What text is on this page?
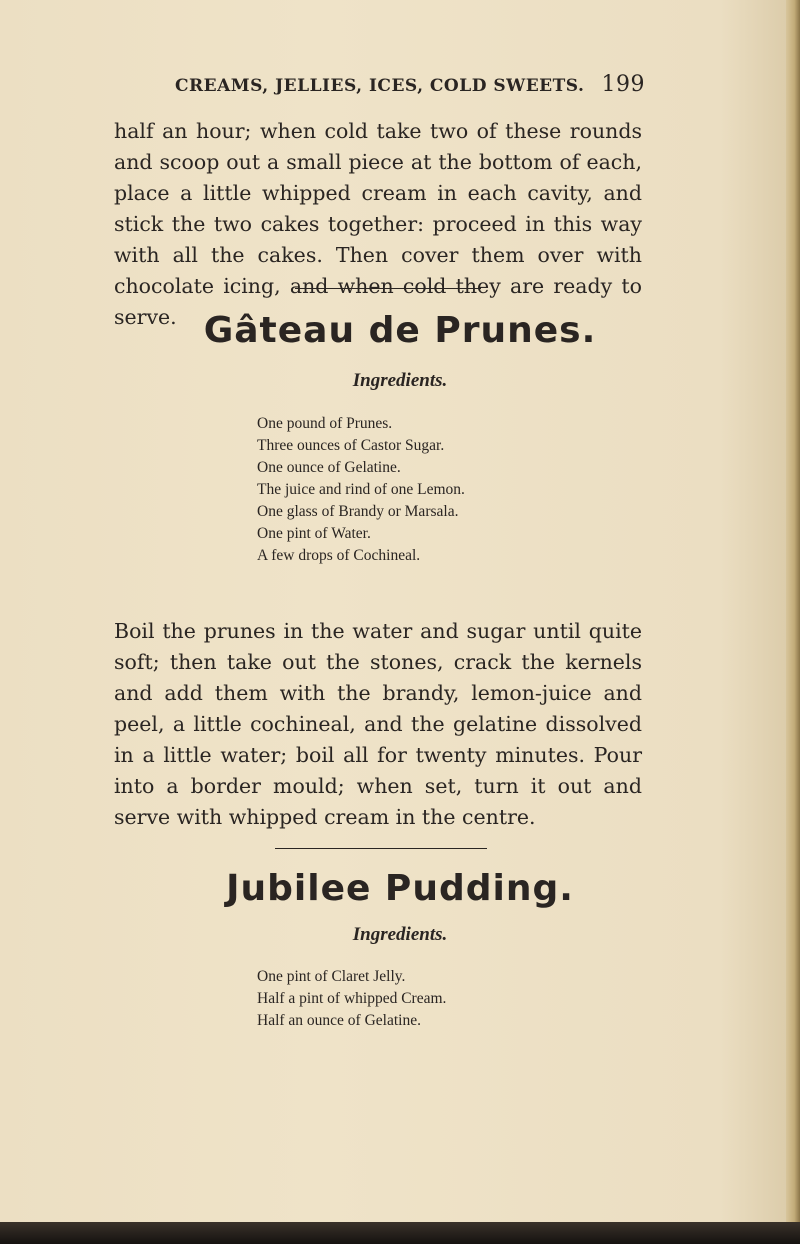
CREAMS, JELLIES, ICES, COLD SWEETS. 199

half an hour; when cold take two of these rounds and scoop out a small piece at the bottom of each, place a little whipped cream in each cavity, and stick the two cakes together: proceed in this way with all the cakes. Then cover them over with chocolate icing, and when cold they are ready to serve. Gâteau de Prunes.
Ingredients.
One pound of Prunes.
Three ounces of Castor Sugar.
One ounce of Gelatine.
The juice and rind of one Lemon.
One glass of Brandy or Marsala.
One pint of Water.
A few drops of Cochineal.

Boil the prunes in the water and sugar until quite soft; then take out the stones, crack the kernels and add them with the brandy, lemon-juice and peel, a little cochineal, and the gelatine dissolved in a little water; boil all for twenty minutes. Pour into a border mould; when set, turn it out and serve with whipped cream in the centre.

Jubilee Pudding.
Ingredients.
One pint of Claret Jelly.
Half a pint of whipped Cream.
Half an ounce of Gelatine.
